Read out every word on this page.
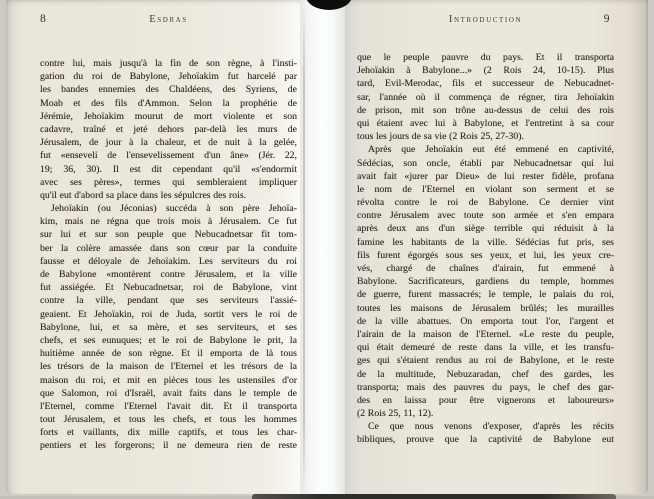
8	Esdras	Introduction	9
contre lui, mais jusqu'à la fin de son règne, à l'insti-
gation du roi de Babylone, Jehoïakim fut harcelé par
les bandes ennemies des Chaldéens, des Syriens, de
Moab et des fils d'Ammon. Selon la prophétie de
Jérémie, Jehoïakim mourut de mort violente et son
cadavre, traîné et jeté dehors par-delà les murs de
Jérusalem, de jour à la chaleur, et de nuit à la gelée,
fut «enseveli de l'ensevelissement d'un âne» (Jér. 22,
19; 36, 30). Il est dit cependant qu'il «s'endormit
avec ses pères», termes qui sembleraient impliquer
qu'il eut d'abord sa place dans les sépulcres des rois.
Jehoïakin (ou Jéconias) succéda à son père Jehoïa-
kim, mais ne régna que trois mois à Jérusalem. Ce fut
sur lui et sur son peuple que Nebucadnetsar fit tom-
ber la colère amassée dans son cœur par la conduite
fausse et déloyale de Jehoïakim. Les serviteurs du roi
de Babylone «montèrent contre Jérusalem, et la ville
fut assiégée. Et Nebucadnetsar, roi de Babylone, vint
contre la ville, pendant que ses serviteurs l'assié-
geaient. Et Jehoïakin, roi de Juda, sortit vers le roi de
Babylone, lui, et sa mère, et ses serviteurs, et ses
chefs, et ses eunuques; et le roi de Babylone le prit, la
huitième année de son règne. Et il emporta de là tous
les trésors de la maison de l'Eternel et les trésors de la
maison du roi, et mit en pièces tous les ustensiles d'or
que Salomon, roi d'Israël, avait faits dans le temple de
l'Eternel, comme l'Eternel l'avait dit. Et il transporta
tout Jérusalem, et tous les chefs, et tous les hommes
forts et vaillants, dix mille captifs, et tous les char-
pentiers et les forgerons; il ne demeura rien de reste
que le peuple pauvre du pays. Et il transporta
Jehoïakin à Babylone...» (2 Rois 24, 10-15). Plus
tard, Evil-Merodac, fils et successeur de Nebucadnet-
sar, l'année où il commença de régner, tira Jehoïakin
de prison, mit son trône au-dessus de celui des rois
qui étaient avec lui à Babylone, et l'entretint à sa cour
tous les jours de sa vie (2 Rois 25, 27-30).
Après que Jehoïakin eut été emmené en captivité,
Sédécias, son oncle, établi par Nebucadnetsar qui lui
avait fait «jurer par Dieu» de lui rester fidèle, profana
le nom de l'Eternel en violant son serment et se
révolta contre le roi de Babylone. Ce dernier vint
contre Jérusalem avec toute son armée et s'en empara
après deux ans d'un siège terrible qui réduisit à la
famine les habitants de la ville. Sédécias fut pris, ses
fils furent égorgés sous ses yeux, et lui, les yeux cre-
vés, chargé de chaînes d'airain, fut emmené à
Babylone. Sacrificateurs, gardiens du temple, hommes
de guerre, furent massacrés; le temple, le palais du roi,
toutes les maisons de Jérusalem brûlés; les murailles
de la ville abattues. On emporta tout l'or, l'argent et
l'airain de la maison de l'Eternel. «Le reste du peuple,
qui était demeuré de reste dans la ville, et les transfu-
ges qui s'étaient rendus au roi de Babylone, et le reste
de la multitude, Nebuzaradan, chef des gardes, les
transporta; mais des pauvres du pays, le chef des gar-
des en laissa pour être vignerons et laboureurs»
(2 Rois 25, 11, 12).
Ce que nous venons d'exposer, d'après les récits
bibliques, prouve que la captivité de Babylone eut
